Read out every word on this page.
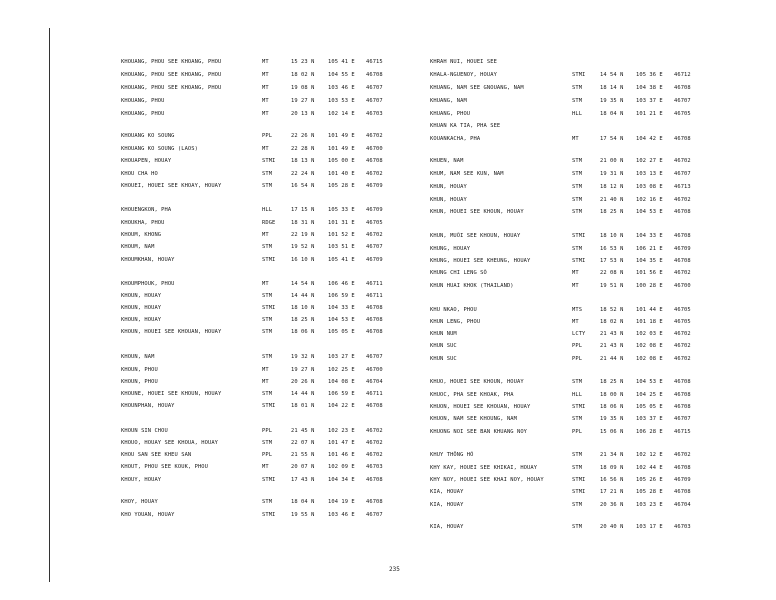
KHOUANG, PHOU SEE KHOANG, PHOU	MT	15 23 N	105 41 E 46715
KHOUANG, PHOU SEE KHOANG, PHOU	MT	18 02 N	104 55 E 46708
KHOUANG, PHOU SEE KHOANG, PHOU	MT	19 08 N	103 46 E 46707
KHOUANG, PHOU	MT	19 27 N	103 53 E 46707
KHOUANG, PHOU	MT	20 13 N	102 14 E 46703
KHOUANG KO SOUNG	PPL	22 26 N	101 49 E 46702
KHOUANG KO SOUNG (LAOS)	MT	22 28 N	101 49 E 46700
KHOUAPEN, HOUAY	STMI	18 13 N	105 00 E 46708
KHOU CHA HO	STM	22 24 N	101 40 E 46702
KHOUEI, HOUEI SEE KHOAY, HOUAY	STM	16 54 N	105 28 E 46709
KHOUENGKON, PHA	HLL	17 15 N	105 33 E 46709
KHOUKHA, PHOU	RDGE	18 31 N	101 31 E 46705
KHOUM, KHONG	MT	22 19 N	101 52 E 46702
KHOUM, NAM	STM	19 52 N	103 51 E 46707
KHOUMKHAN, HOUAY	STMI	16 10 N	105 41 E 46709
KHOUMPHOUK, PHOU	MT	14 54 N	106 46 E 46711
KHOUN, HOUAY	STM	14 44 N	106 59 E 46711
KHOUN, HOUAY	STMI	18 10 N	104 33 E 46708
KHOUN, HOUAY	STM	18 25 N	104 53 E 46708
KHOUN, HOUEI SEE KHOUAN, HOUAY	STM	18 06 N	105 05 E 46708
KHOUN, NAM	STM	19 32 N	103 27 E 46707
KHOUN, PHOU	MT	19 27 N	102 25 E 46700
KHOUN, PHOU	MT	20 26 N	104 08 E 46704
KHOUNE, HOUEI SEE KHOUN, HOUAY	STM	14 44 N	106 59 E 46711
KHOUNPHAN, HOUAY	STMI	18 01 N	104 22 E 46708
KHOUN SIN CHOU	PPL	21 45 N	102 23 E 46702
KHOUO, HOUAY SEE KHOUA, HOUAY	STM	22 07 N	101 47 E 46702
KHOU SAN SEE KHEU SAN	PPL	21 55 N	101 46 E 46702
KHOUT, PHOU SEE KOUK, PHOU	MT	20 07 N	102 09 E 46703
KHOUY, HOUAY	STMI	17 43 N	104 34 E 46708
KHOY, HOUAY	STM	18 04 N	104 19 E 46708
KHO YOUAN, HOUAY	STMI	19 55 N	103 46 E 46707
KHRAH NUI, HOUEI SEE
KHALA-NGUENOY, HOUAY	STMI	14 54 N 105 36 E 46712
KHUANG, NAM SEE GNOUANG, NAM	STM	18 14 N 104 38 E 46708
KHUANG, NAM	STM	19 35 N 103 37 E 46707
KHUANG, PHOU	HLL	18 04 N 101 21 E 46705
KHUAN KA TIA, PHA SEE
KOUANKACHA, PHA	MT	17 54 N 104 42 E 46708
KHUEN, NAM	STM	21 00 N 102 27 E 46702
KHUM, NAM SEE KUN, NAM	STM	19 31 N 103 13 E 46707
KHUN, HOUAY	STM	18 12 N 103 08 E 46713
KHUN, HOUAY	STM	21 40 N 102 16 E 46702
KHUN, HOUEI SEE KHOUN, HOUAY	STM	18 25 N 104 53 E 46708
KHUN, MUÕI SEE KHOUN, HOUAY	STMI	18 10 N 104 33 E 46708
KHUNG, HOUAY	STM	16 53 N 106 21 E 46709
KHUNG, HOUEI SEE KHEUNG, HOUAY	STMI	17 53 N 104 35 E 46708
KHUNG CHI LENG SÕ	MT	22 08 N 101 56 E 46702
KHUN HUAI KHOK (THAILAND)	MT	19 51 N 100 28 E 46700
KHU NKAO, PHOU	MTS	18 52 N 101 44 E 46705
KHUN LENG, PHOU	MT	18 02 N 101 18 E 46705
KHUN NUM	LCTY	21 43 N 102 03 E 46702
KHUN SUC	PPL	21 43 N 102 08 E 46702
KHUN SUC	PPL	21 44 N 102 08 E 46702
KHUO, HOUEI SEE KHOUN, HOUAY	STM	18 25 N 104 53 E 46708
KHUOC, PHA SEE KHOAK, PHA	HLL	18 00 N 104 25 E 46708
KHUON, HOUEI SEE KHOUAN, HOUAY	STMI	18 06 N 105 05 E 46708
KHUON, NAM SEE KHOUNG, NAM	STM	19 35 N 103 37 E 46707
KHUONG NOI SEE BAN KHUANG NOY	PPL	15 06 N 106 28 E 46715
KHUY THÔNG HÕ	STM	21 34 N 102 12 E 46702
KHY KAY, HOUEI SEE KHIKAI, HOUAY	STM	18 09 N 102 44 E 46708
KHY NOY, HOUEI SEE KHAI NOY, HOUAY	STMI	16 56 N 105 26 E 46709
KIA, HOUAY	STMI	17 21 N 105 28 E 46708
KIA, HOUAY	STM	20 36 N 103 23 E 46704
KIA, HOUAY	STM	20 40 N 103 17 E 46703
235
